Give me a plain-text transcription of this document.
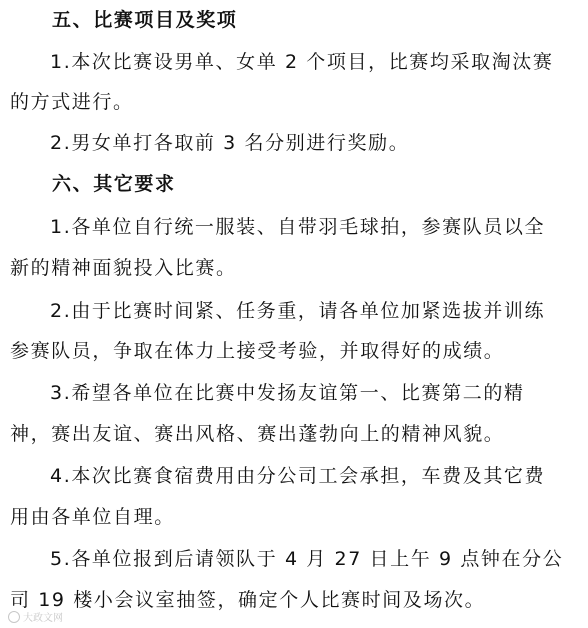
五、比赛项目及奖项
1.本次比赛设男单、女单 2 个项目，比赛均采取淘汰赛
的方式进行。
2.男女单打各取前 3 名分别进行奖励。
六、其它要求
1.各单位自行统一服装、自带羽毛球拍，参赛队员以全
新的精神面貌投入比赛。
2.由于比赛时间紧、任务重，请各单位加紧选拔并训练
参赛队员，争取在体力上接受考验，并取得好的成绩。
3.希望各单位在比赛中发扬友谊第一、比赛第二的精
神，赛出友谊、赛出风格、赛出蓬勃向上的精神风貌。
4.本次比赛食宿费用由分公司工会承担，车费及其它费
用由各单位自理。
5.各单位报到后请领队于 4 月 27 日上午 9 点钟在分公
司 19 楼小会议室抽签，确定个人比赛时间及场次。
大政文网
